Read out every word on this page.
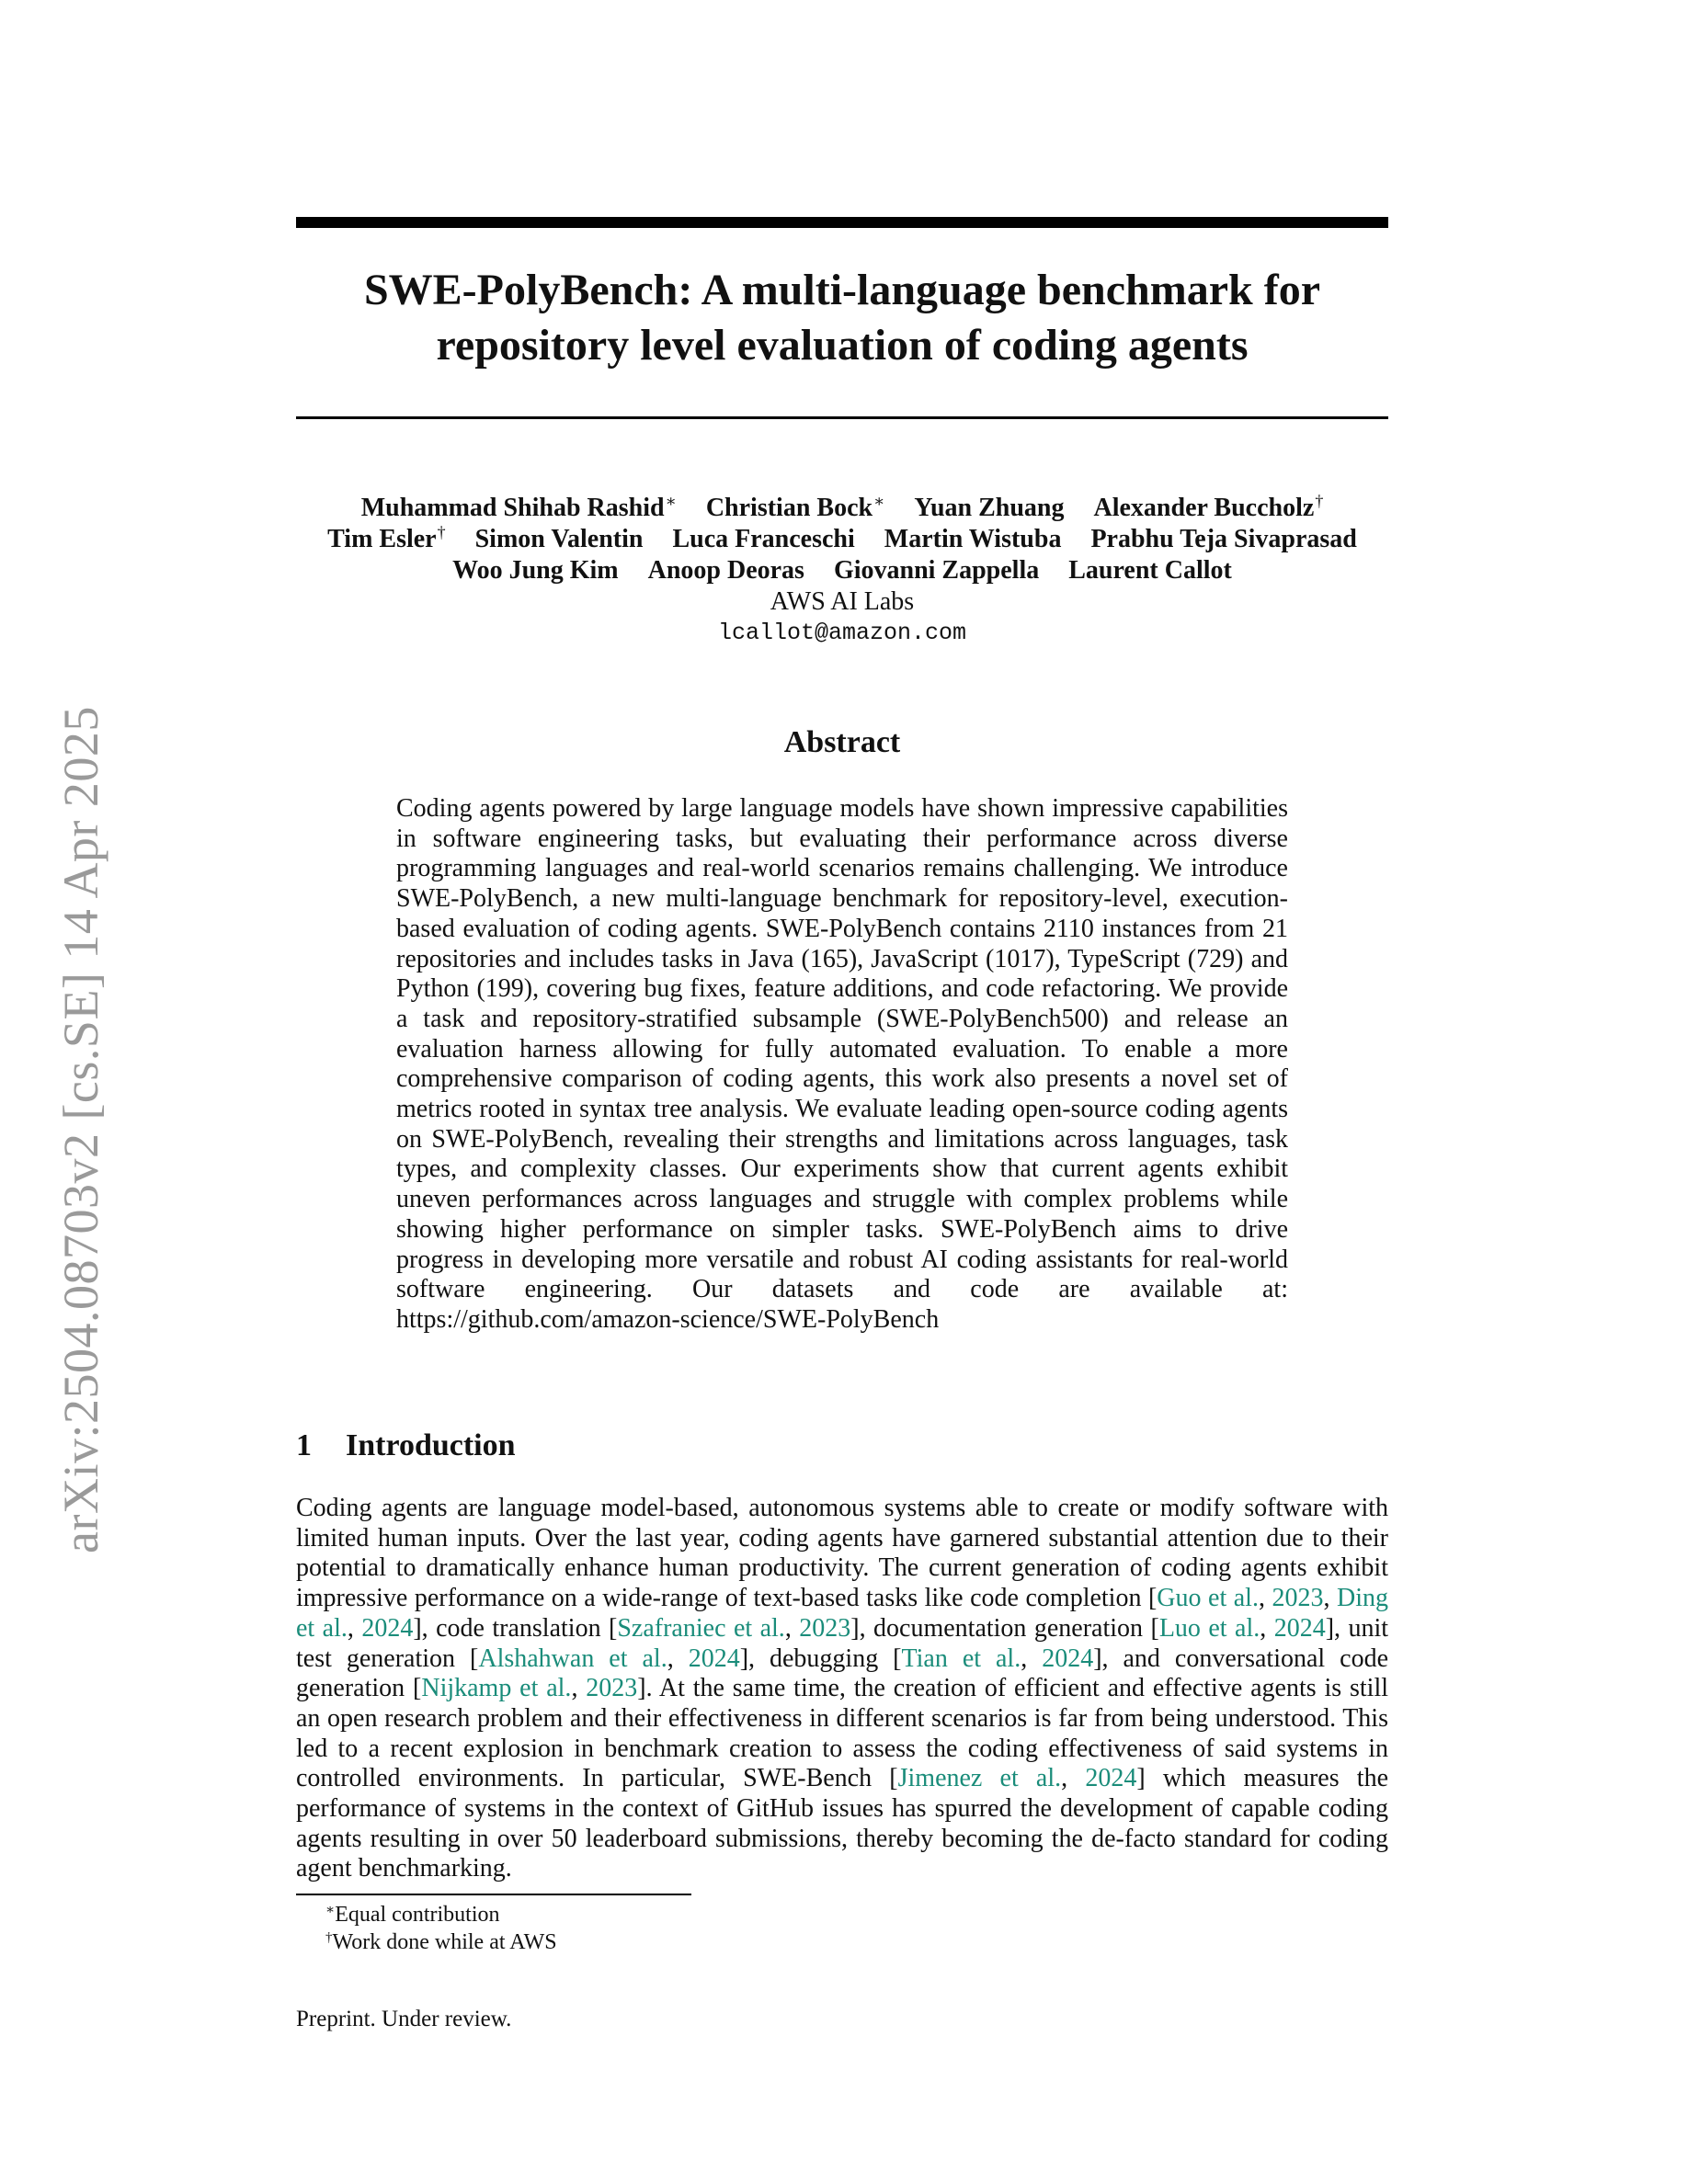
arXiv:2504.08703v2 [cs.SE] 14 Apr 2025
SWE-PolyBench: A multi-language benchmark for
repository level evaluation of coding agents
Muhammad Shihab Rashid∗ Christian Bock∗ Yuan Zhuang Alexander Buccholz†
Tim Esler† Simon Valentin Luca Franceschi Martin Wistuba Prabhu Teja Sivaprasad
Woo Jung Kim Anoop Deoras Giovanni Zappella Laurent Callot
AWS AI Labs
lcallot@amazon.com
Abstract

Coding agents powered by large language models have shown impressive capabilities in software engineering tasks, but evaluating their performance across diverse programming languages and real-world scenarios remains challenging. We introduce SWE-PolyBench, a new multi-language benchmark for repository-level, execution-based evaluation of coding agents. SWE-PolyBench contains 2110 instances from 21 repositories and includes tasks in Java (165), JavaScript (1017), TypeScript (729) and Python (199), covering bug fixes, feature additions, and code refactoring. We provide a task and repository-stratified subsample (SWE-PolyBench500) and release an evaluation harness allowing for fully automated evaluation. To enable a more comprehensive comparison of coding agents, this work also presents a novel set of metrics rooted in syntax tree analysis. We evaluate leading open-source coding agents on SWE-PolyBench, revealing their strengths and limitations across languages, task types, and complexity classes. Our experiments show that current agents exhibit uneven performances across languages and struggle with complex problems while showing higher performance on simpler tasks. SWE-PolyBench aims to drive progress in developing more versatile and robust AI coding assistants for real-world software engineering. Our datasets and code are available at: https://github.com/amazon-science/SWE-PolyBench

1 Introduction

Coding agents are language model-based, autonomous systems able to create or modify software with limited human inputs. Over the last year, coding agents have garnered substantial attention due to their potential to dramatically enhance human productivity. The current generation of coding agents exhibit impressive performance on a wide-range of text-based tasks like code completion [Guo et al., 2023, Ding et al., 2024], code translation [Szafraniec et al., 2023], documentation generation [Luo et al., 2024], unit test generation [Alshahwan et al., 2024], debugging [Tian et al., 2024], and conversational code generation [Nijkamp et al., 2023]. At the same time, the creation of efficient and effective agents is still an open research problem and their effectiveness in different scenarios is far from being understood. This led to a recent explosion in benchmark creation to assess the coding effectiveness of said systems in controlled environments. In particular, SWE-Bench [Jimenez et al., 2024] which measures the performance of systems in the context of GitHub issues has spurred the development of capable coding agents resulting in over 50 leaderboard submissions, thereby becoming the de-facto standard for coding agent benchmarking.

∗Equal contribution
†Work done while at AWS
Preprint. Under review.
